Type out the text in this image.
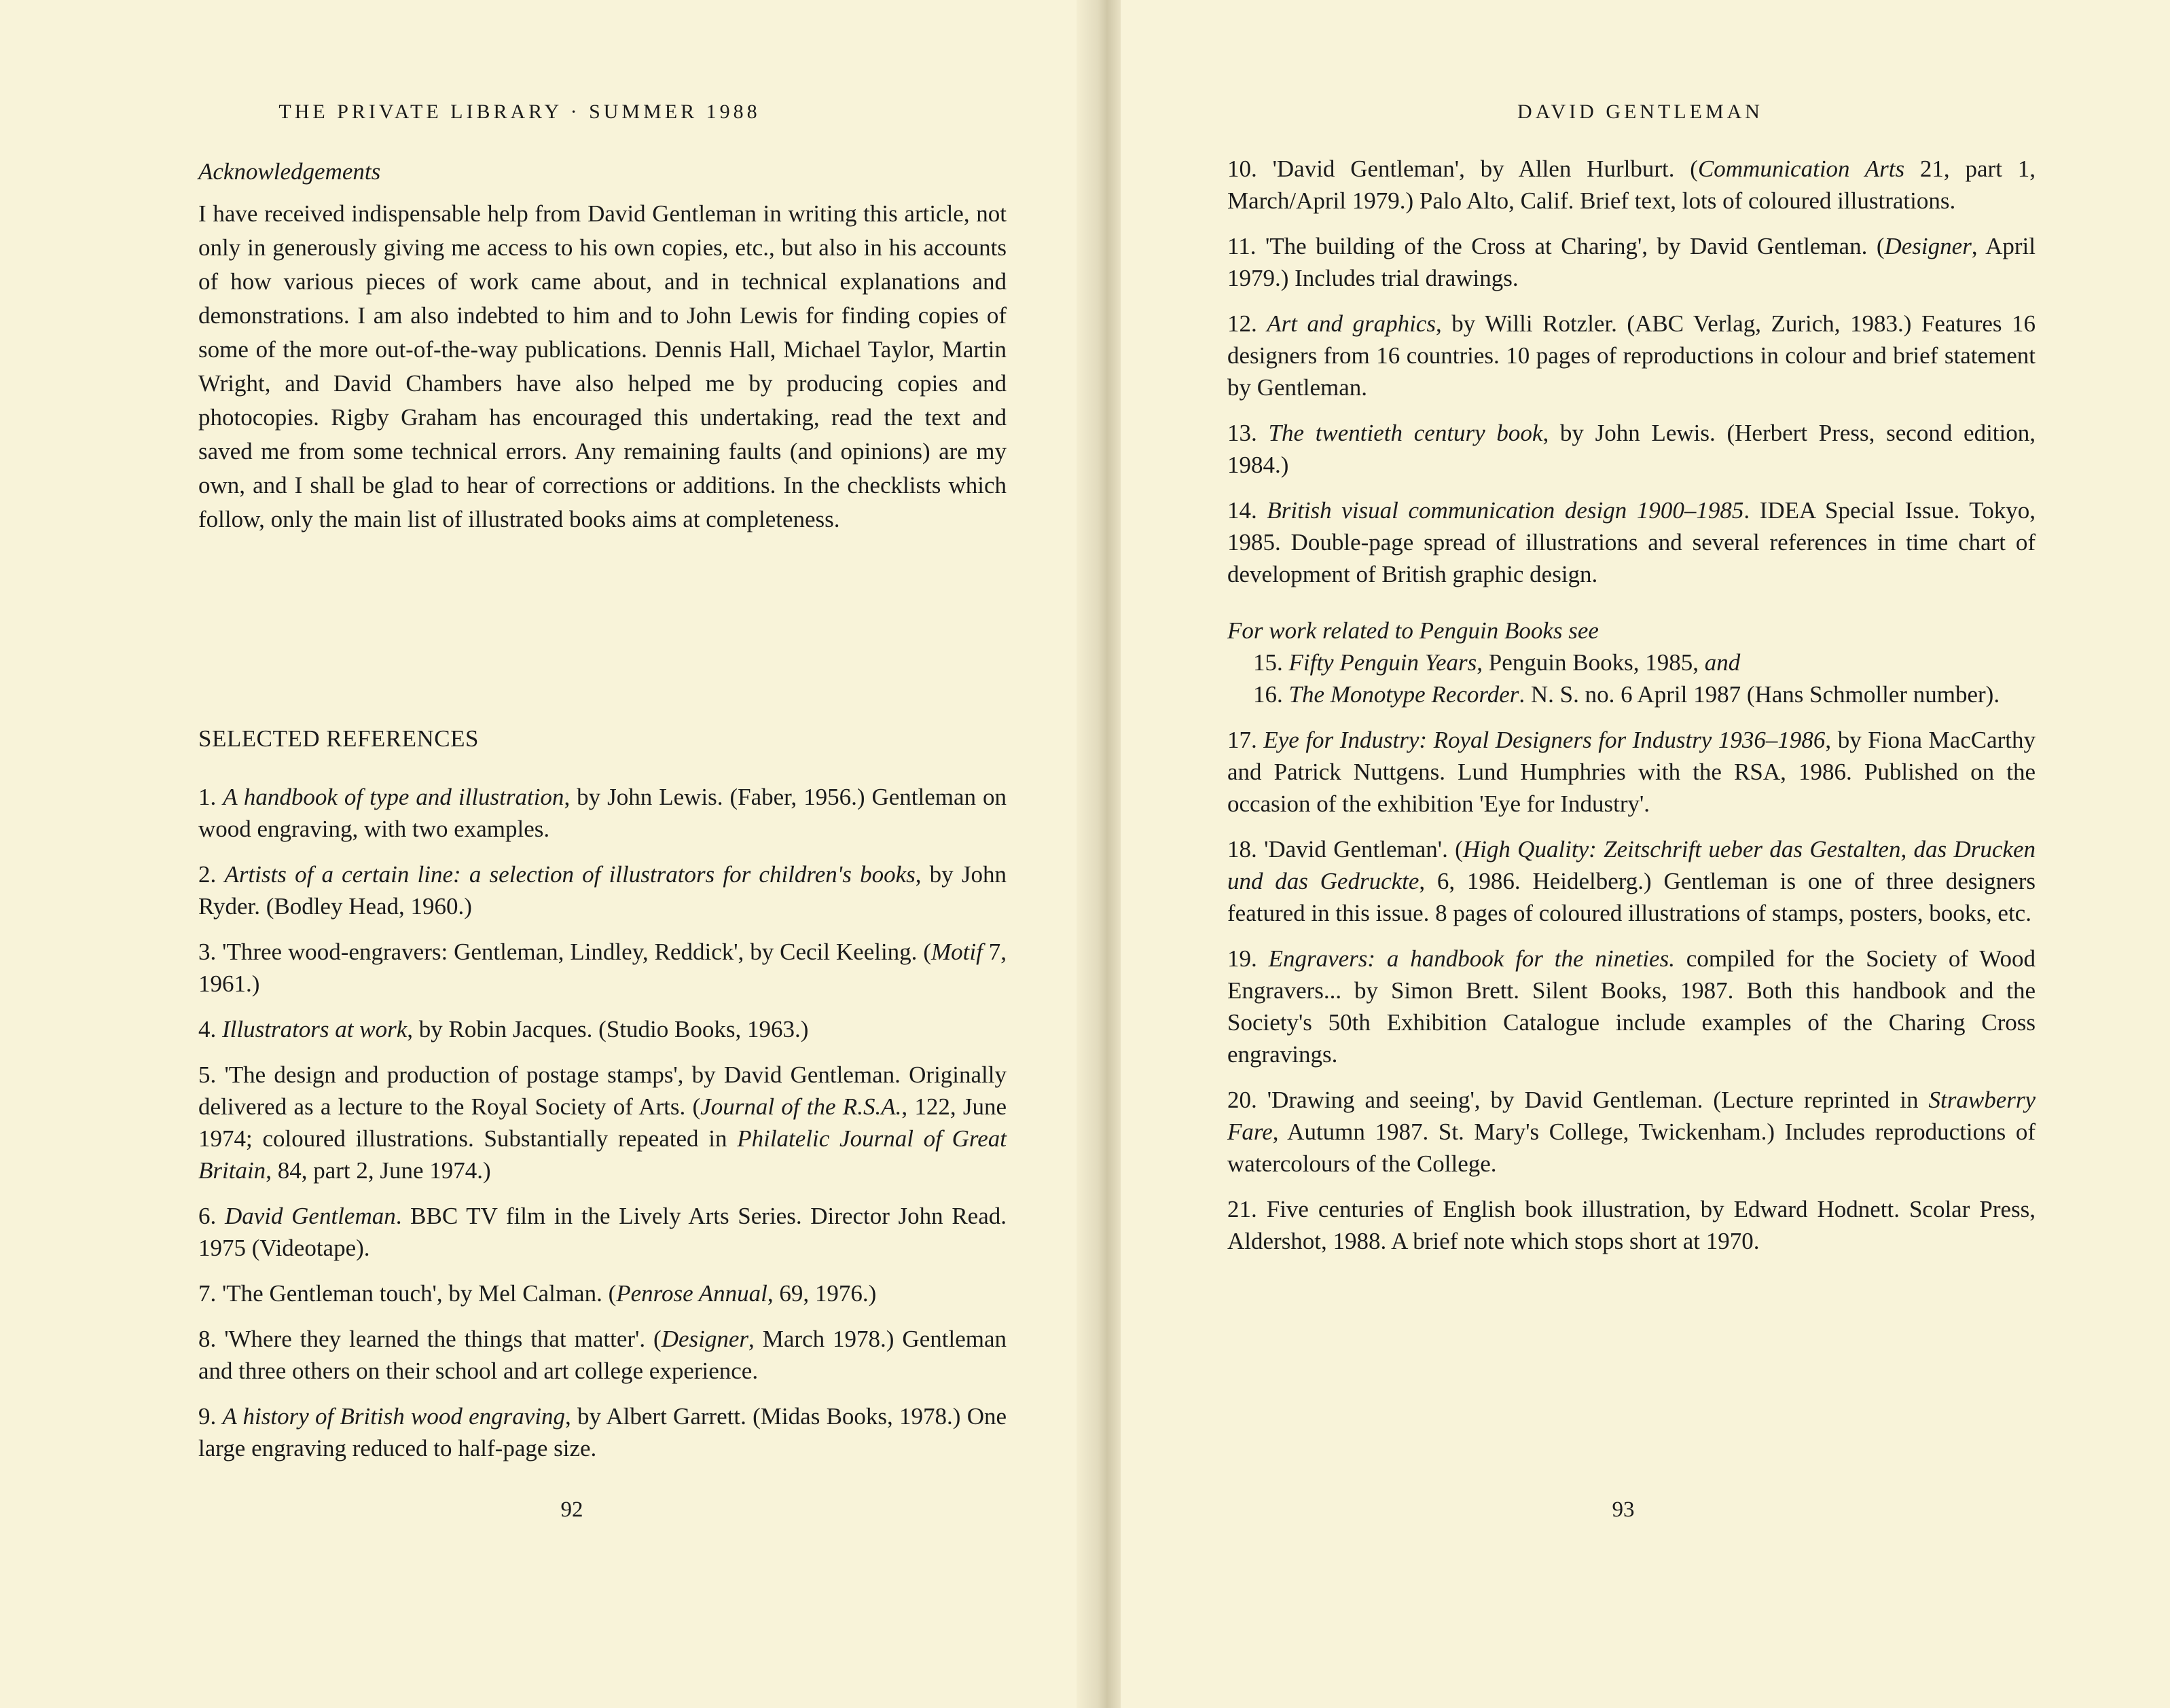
THE PRIVATE LIBRARY · SUMMER 1988
Acknowledgements
I have received indispensable help from David Gentleman in writing this article, not only in generously giving me access to his own copies, etc., but also in his accounts of how various pieces of work came about, and in technical explanations and demonstrations. I am also indebted to him and to John Lewis for finding copies of some of the more out-of-the-way publications. Dennis Hall, Michael Taylor, Martin Wright, and David Chambers have also helped me by producing copies and photocopies. Rigby Graham has encouraged this undertaking, read the text and saved me from some technical errors. Any remaining faults (and opinions) are my own, and I shall be glad to hear of corrections or additions. In the checklists which follow, only the main list of illustrated books aims at completeness.
SELECTED REFERENCES
1. A handbook of type and illustration, by John Lewis. (Faber, 1956.) Gentleman on wood engraving, with two examples.
2. Artists of a certain line: a selection of illustrators for children's books, by John Ryder. (Bodley Head, 1960.)
3. 'Three wood-engravers: Gentleman, Lindley, Reddick', by Cecil Keeling. (Motif 7, 1961.)
4. Illustrators at work, by Robin Jacques. (Studio Books, 1963.)
5. 'The design and production of postage stamps', by David Gentleman. Originally delivered as a lecture to the Royal Society of Arts. (Journal of the R.S.A., 122, June 1974; coloured illustrations. Substantially repeated in Philatelic Journal of Great Britain, 84, part 2, June 1974.)
6. David Gentleman. BBC TV film in the Lively Arts Series. Director John Read. 1975 (Videotape).
7. 'The Gentleman touch', by Mel Calman. (Penrose Annual, 69, 1976.)
8. 'Where they learned the things that matter'. (Designer, March 1978.) Gentleman and three others on their school and art college experience.
9. A history of British wood engraving, by Albert Garrett. (Midas Books, 1978.) One large engraving reduced to half-page size.
92
DAVID GENTLEMAN
10. 'David Gentleman', by Allen Hurlburt. (Communication Arts 21, part 1, March/April 1979.) Palo Alto, Calif. Brief text, lots of coloured illustrations.
11. 'The building of the Cross at Charing', by David Gentleman. (Designer, April 1979.) Includes trial drawings.
12. Art and graphics, by Willi Rotzler. (ABC Verlag, Zurich, 1983.) Features 16 designers from 16 countries. 10 pages of reproductions in colour and brief statement by Gentleman.
13. The twentieth century book, by John Lewis. (Herbert Press, second edition, 1984.)
14. British visual communication design 1900–1985. IDEA Special Issue. Tokyo, 1985. Double-page spread of illustrations and several references in time chart of development of British graphic design.
For work related to Penguin Books see
15. Fifty Penguin Years, Penguin Books, 1985, and
16. The Monotype Recorder. N. S. no. 6 April 1987 (Hans Schmoller number).
17. Eye for Industry: Royal Designers for Industry 1936–1986, by Fiona MacCarthy and Patrick Nuttgens. Lund Humphries with the RSA, 1986. Published on the occasion of the exhibition 'Eye for Industry'.
18. 'David Gentleman'. (High Quality: Zeitschrift ueber das Gestalten, das Drucken und das Gedruckte, 6, 1986. Heidelberg.) Gentleman is one of three designers featured in this issue. 8 pages of coloured illustrations of stamps, posters, books, etc.
19. Engravers: a handbook for the nineties. compiled for the Society of Wood Engravers... by Simon Brett. Silent Books, 1987. Both this handbook and the Society's 50th Exhibition Catalogue include examples of the Charing Cross engravings.
20. 'Drawing and seeing', by David Gentleman. (Lecture reprinted in Strawberry Fare, Autumn 1987. St. Mary's College, Twickenham.) Includes reproductions of watercolours of the College.
21. Five centuries of English book illustration, by Edward Hodnett. Scolar Press, Aldershot, 1988. A brief note which stops short at 1970.
93
